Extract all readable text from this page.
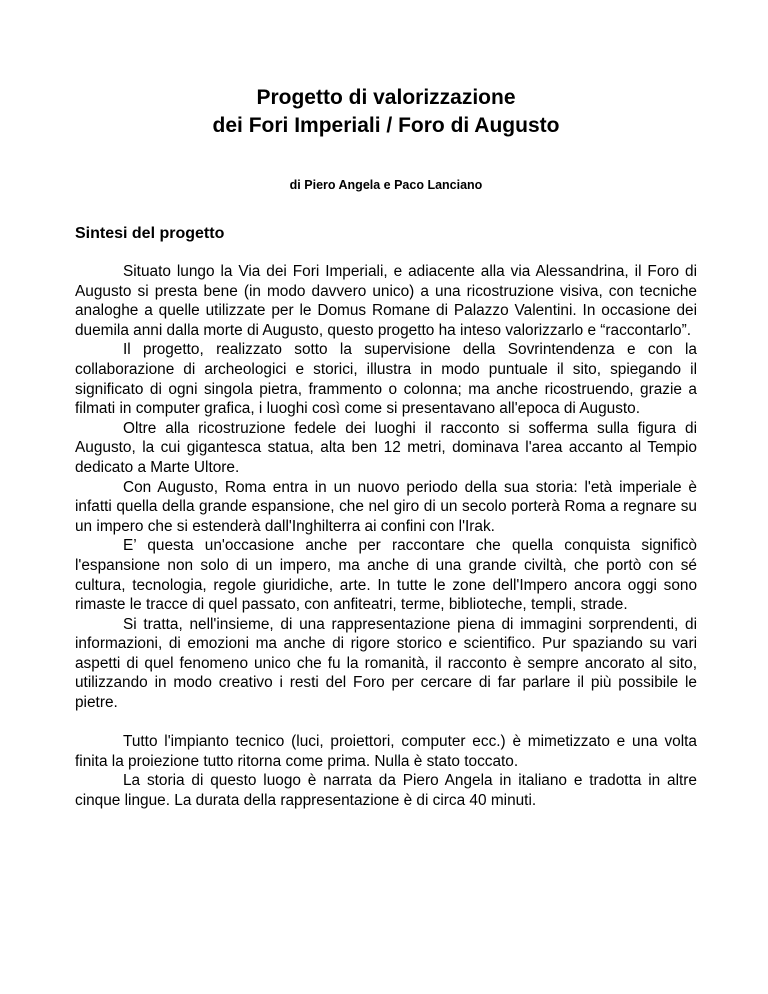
Progetto di valorizzazione
dei Fori Imperiali / Foro di Augusto
di Piero Angela e Paco Lanciano
Sintesi del progetto

Situato lungo la Via dei Fori Imperiali, e adiacente alla via Alessandrina, il Foro di Augusto si presta bene (in modo davvero unico) a una ricostruzione visiva, con tecniche analoghe a quelle utilizzate per le Domus Romane di Palazzo Valentini. In occasione dei duemila anni dalla morte di Augusto, questo progetto ha inteso valorizzarlo e “raccontarlo”.

Il progetto, realizzato sotto la supervisione della Sovrintendenza e con la collaborazione di archeologici e storici, illustra in modo puntuale il sito, spiegando il significato di ogni singola pietra, frammento o colonna; ma anche ricostruendo, grazie a filmati in computer grafica, i luoghi così come si presentavano all'epoca di Augusto.

Oltre alla ricostruzione fedele dei luoghi il racconto si sofferma sulla figura di Augusto, la cui gigantesca statua, alta ben 12 metri, dominava l'area accanto al Tempio dedicato a Marte Ultore.

Con Augusto, Roma entra in un nuovo periodo della sua storia: l'età imperiale è infatti quella della grande espansione, che nel giro di un secolo porterà Roma a regnare su un impero che si estenderà dall'Inghilterra ai confini con l'Irak.

E’ questa un'occasione anche per raccontare che quella conquista significò l'espansione non solo di un impero, ma anche di una grande civiltà, che portò con sé cultura, tecnologia, regole giuridiche, arte. In tutte le zone dell'Impero ancora oggi sono rimaste le tracce di quel passato, con anfiteatri, terme, biblioteche, templi, strade.

Si tratta, nell'insieme, di una rappresentazione piena di immagini sorprendenti, di informazioni, di emozioni ma anche di rigore storico e scientifico. Pur spaziando su vari aspetti di quel fenomeno unico che fu la romanità, il racconto è sempre ancorato al sito, utilizzando in modo creativo i resti del Foro per cercare di far parlare il più possibile le pietre.

Tutto l'impianto tecnico (luci, proiettori, computer ecc.) è mimetizzato e una volta finita la proiezione tutto ritorna come prima. Nulla è stato toccato.

La storia di questo luogo è narrata da Piero Angela in italiano e tradotta in altre cinque lingue. La durata della rappresentazione è di circa 40 minuti.
